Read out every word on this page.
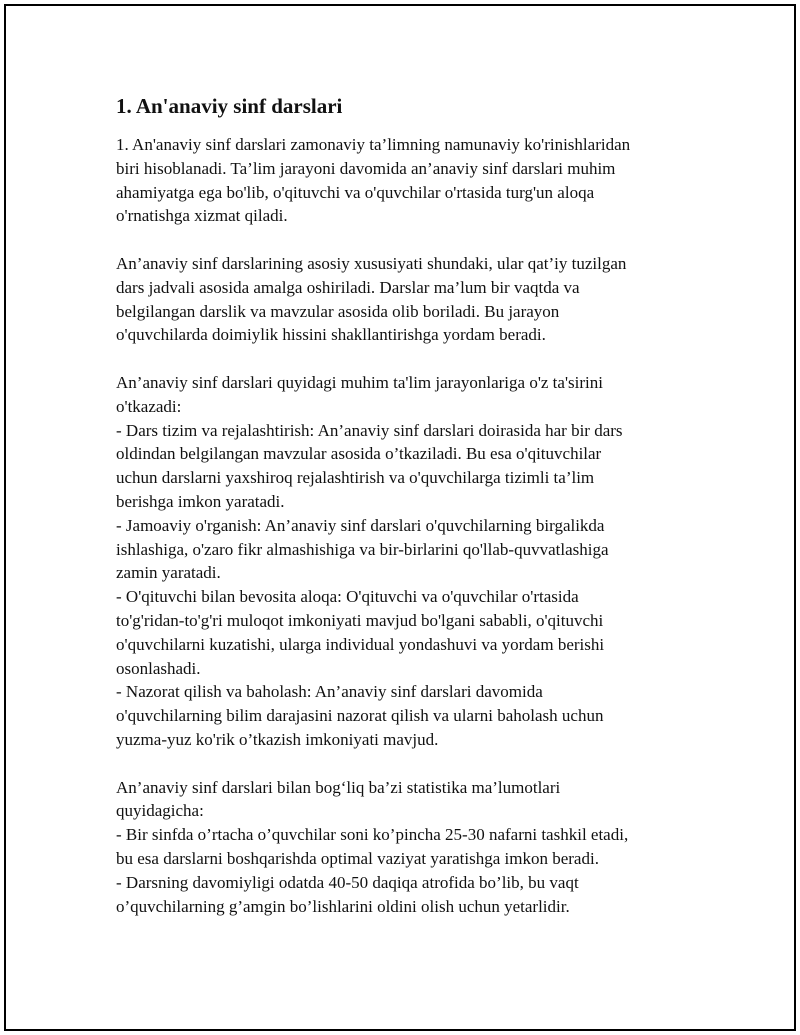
1. An'anaviy sinf darslari
1. An'anaviy sinf darslari zamonaviy ta’limning namunaviy ko'rinishlaridan
biri hisoblanadi. Ta’lim jarayoni davomida an’anaviy sinf darslari muhim
ahamiyatga ega bo'lib, o'qituvchi va o'quvchilar o'rtasida turg'un aloqa
o'rnatishga xizmat qiladi.
An’anaviy sinf darslarining asosiy xususiyati shundaki, ular qat’iy tuzilgan
dars jadvali asosida amalga oshiriladi. Darslar ma’lum bir vaqtda va
belgilangan darslik va mavzular asosida olib boriladi. Bu jarayon
o'quvchilarda doimiylik hissini shakllantirishga yordam beradi.
An’anaviy sinf darslari quyidagi muhim ta'lim jarayonlariga o'z ta'sirini
o'tkazadi:
- Dars tizim va rejalashtirish: An’anaviy sinf darslari doirasida har bir dars
oldindan belgilangan mavzular asosida o’tkaziladi. Bu esa o'qituvchilar
uchun darslarni yaxshiroq rejalashtirish va o'quvchilarga tizimli ta’lim
berishga imkon yaratadi.
- Jamoaviy o'rganish: An’anaviy sinf darslari o'quvchilarning birgalikda
ishlashiga, o'zaro fikr almashishiga va bir-birlarini qo'llab-quvvatlashiga
zamin yaratadi.
- O'qituvchi bilan bevosita aloqa: O'qituvchi va o'quvchilar o'rtasida
to'g'ridan-to'g'ri muloqot imkoniyati mavjud bo'lgani sababli, o'qituvchi
o'quvchilarni kuzatishi, ularga individual yondashuvi va yordam berishi
osonlashadi.
- Nazorat qilish va baholash: An’anaviy sinf darslari davomida
o'quvchilarning bilim darajasini nazorat qilish va ularni baholash uchun
yuzma-yuz ko'rik o’tkazish imkoniyati mavjud.
An’anaviy sinf darslari bilan bog‘liq ba’zi statistika ma’lumotlari
quyidagicha:
- Bir sinfda o’rtacha o’quvchilar soni ko’pincha 25-30 nafarni tashkil etadi,
bu esa darslarni boshqarishda optimal vaziyat yaratishga imkon beradi.
- Darsning davomiyligi odatda 40-50 daqiqa atrofida bo’lib, bu vaqt
o’quvchilarning g’amgin bo’lishlarini oldini olish uchun yetarlidir.
